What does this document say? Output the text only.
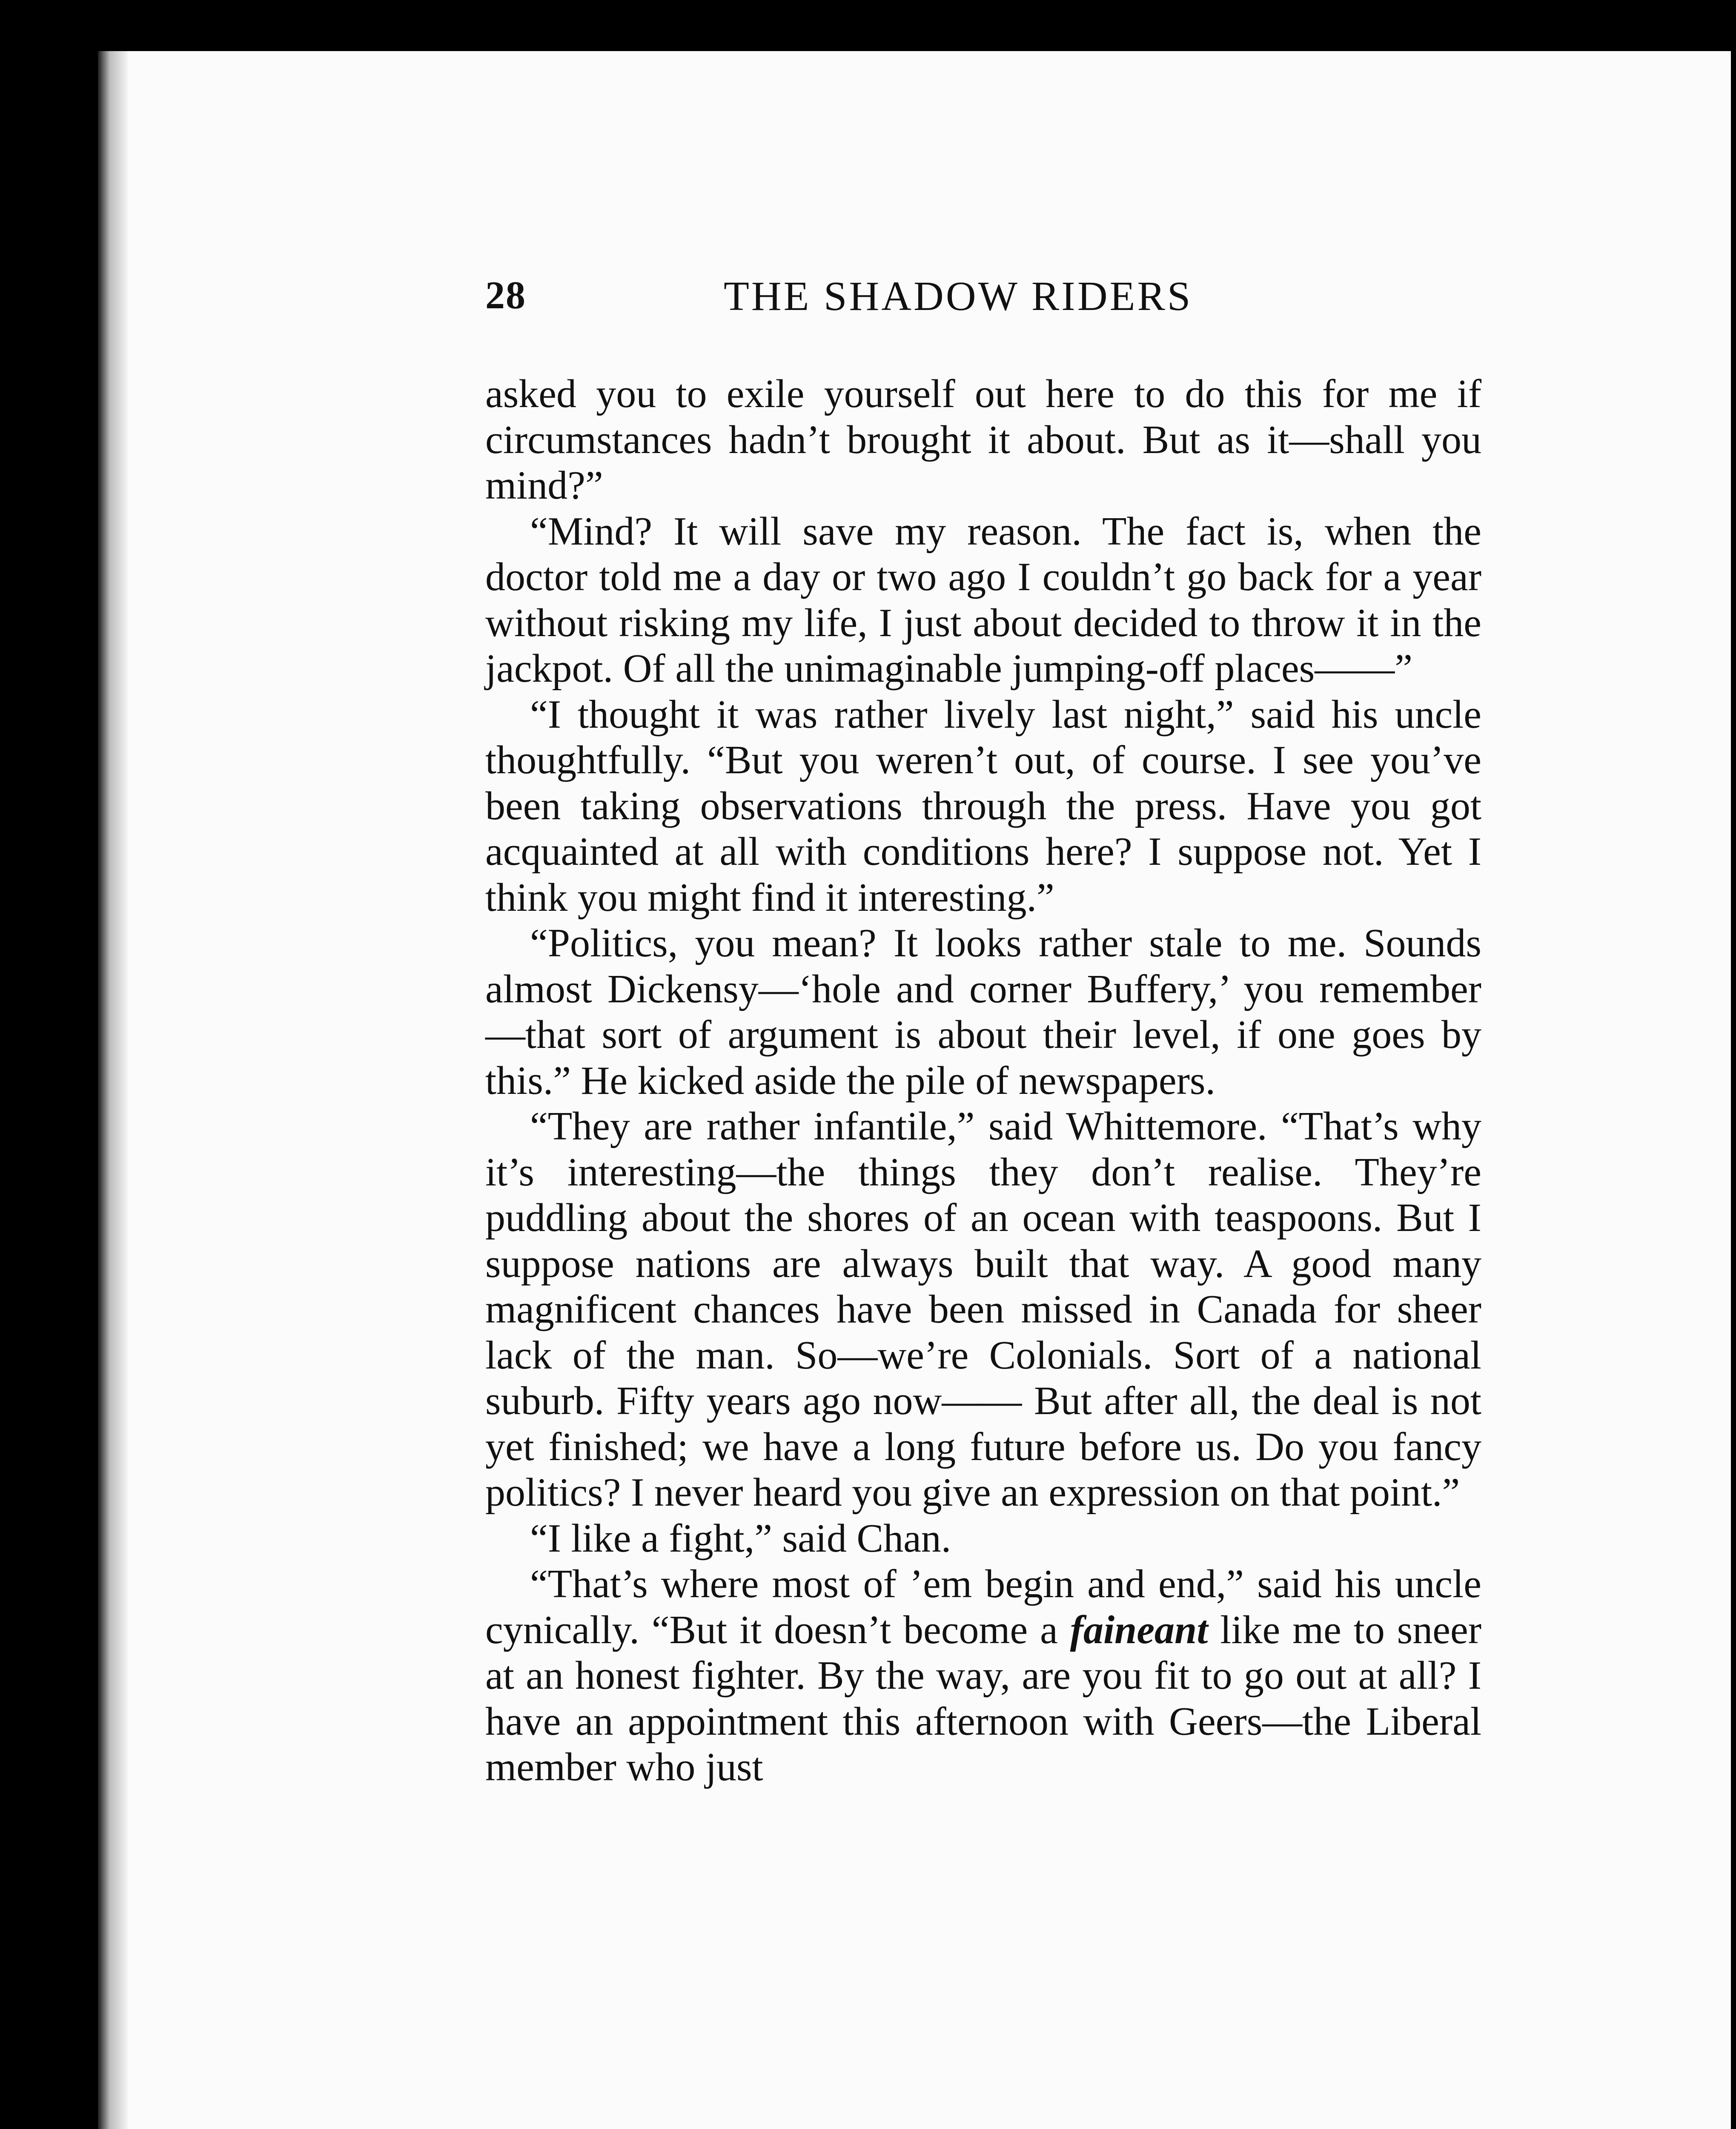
28	THE SHADOW RIDERS

asked you to exile yourself out here to do this for me if circumstances hadn’t brought it about. But as it—shall you mind?”

“Mind? It will save my reason. The fact is, when the doctor told me a day or two ago I couldn’t go back for a year without risking my life, I just about decided to throw it in the jackpot. Of all the unimaginable jumping-off places——”

“I thought it was rather lively last night,” said his uncle thoughtfully. “But you weren’t out, of course. I see you’ve been taking observations through the press. Have you got acquainted at all with conditions here? I suppose not. Yet I think you might find it interesting.”

“Politics, you mean? It looks rather stale to me. Sounds almost Dickensy—‘hole and corner Buffery,’ you remember—that sort of argument is about their level, if one goes by this.” He kicked aside the pile of newspapers.

“They are rather infantile,” said Whittemore. “That’s why it’s interesting—the things they don’t realise. They’re puddling about the shores of an ocean with teaspoons. But I suppose nations are always built that way. A good many magnificent chances have been missed in Canada for sheer lack of the man. So—we’re Colonials. Sort of a national suburb. Fifty years ago now—— But after all, the deal is not yet finished; we have a long future before us. Do you fancy politics? I never heard you give an expression on that point.”

“I like a fight,” said Chan.

“That’s where most of ’em begin and end,” said his uncle cynically. “But it doesn’t become a faineant like me to sneer at an honest fighter. By the way, are you fit to go out at all? I have an appointment this afternoon with Geers—the Liberal member who just
